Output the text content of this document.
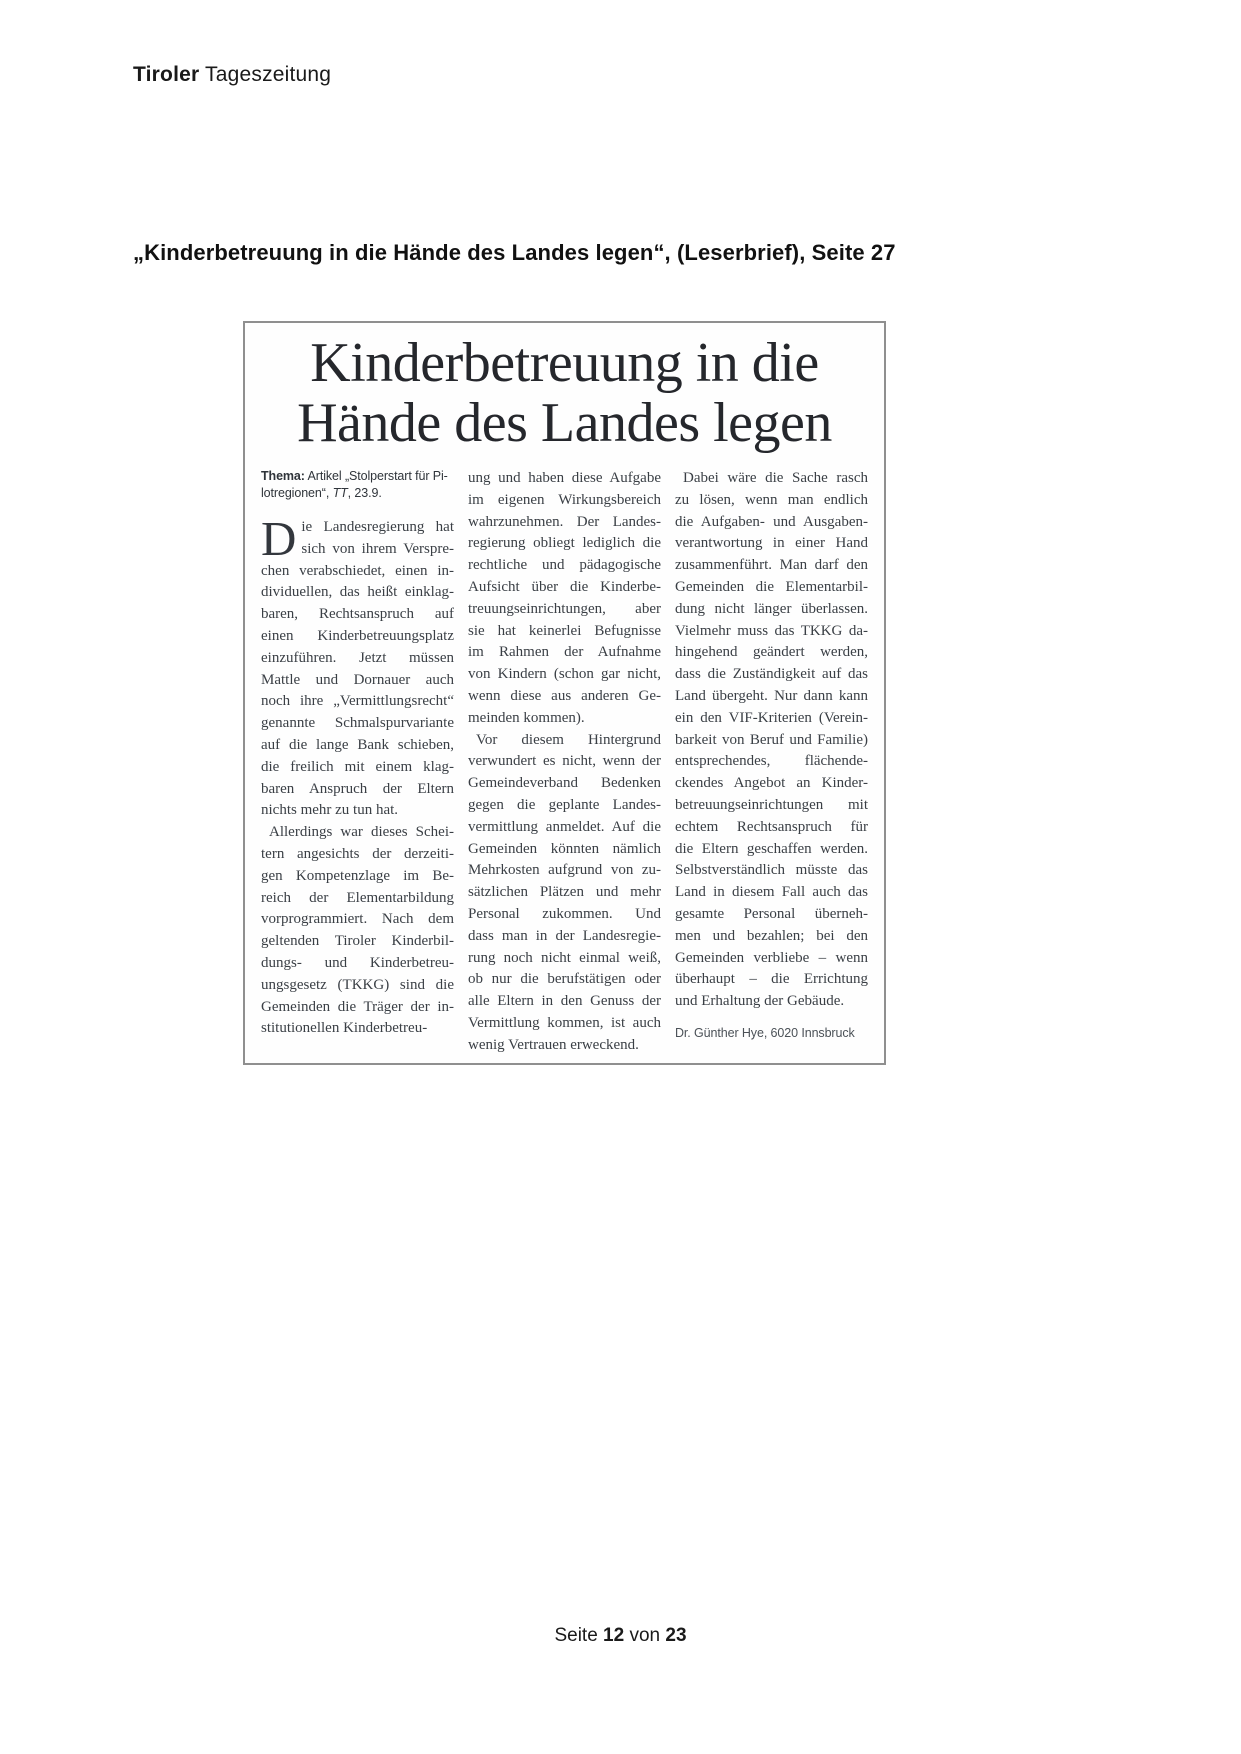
Tiroler Tageszeitung
„Kinderbetreuung in die Hände des Landes legen“, (Leserbrief), Seite 27
Kinderbetreuung in die
Hände des Landes legen
Thema: Artikel „Stolperstart für Pi-
lotregionen“, TT, 23.9.
D ie Landesregierung hat
sich von ihrem Verspre-
chen verabschiedet, einen in-
dividuellen, das heißt einklag-
baren, Rechtsanspruch auf
einen Kinderbetreuungsplatz
einzuführen. Jetzt müssen
Mattle und Dornauer auch
noch ihre „Vermittlungsrecht“
genannte Schmalspurvariante
auf die lange Bank schieben,
die freilich mit einem klag-
baren Anspruch der Eltern
nichts mehr zu tun hat.
Allerdings war dieses Schei-
tern angesichts der derzeiti-
gen Kompetenzlage im Be-
reich der Elementarbildung
vorprogrammiert. Nach dem
geltenden Tiroler Kinderbil-
dungs- und Kinderbetreu-
ungsgesetz (TKKG) sind die
Gemeinden die Träger der in-
stitutionellen Kinderbetreu-
ung und haben diese Aufgabe
im eigenen Wirkungsbereich
wahrzunehmen. Der Landes-
regierung obliegt lediglich die
rechtliche und pädagogische
Aufsicht über die Kinderbe-
treuungseinrichtungen, aber
sie hat keinerlei Befugnisse
im Rahmen der Aufnahme
von Kindern (schon gar nicht,
wenn diese aus anderen Ge-
meinden kommen).
Vor diesem Hintergrund
verwundert es nicht, wenn der
Gemeindeverband Bedenken
gegen die geplante Landes-
vermittlung anmeldet. Auf die
Gemeinden könnten nämlich
Mehrkosten aufgrund von zu-
sätzlichen Plätzen und mehr
Personal zukommen. Und
dass man in der Landesregie-
rung noch nicht einmal weiß,
ob nur die berufstätigen oder
alle Eltern in den Genuss der
Vermittlung kommen, ist auch
wenig Vertrauen erweckend.
Dabei wäre die Sache rasch
zu lösen, wenn man endlich
die Aufgaben- und Ausgaben-
verantwortung in einer Hand
zusammenführt. Man darf den
Gemeinden die Elementarbil-
dung nicht länger überlassen.
Vielmehr muss das TKKG da-
hingehend geändert werden,
dass die Zuständigkeit auf das
Land übergeht. Nur dann kann
ein den VIF-Kriterien (Verein-
barkeit von Beruf und Familie)
entsprechendes, flächende-
ckendes Angebot an Kinder-
betreuungseinrichtungen mit
echtem Rechtsanspruch für
die Eltern geschaffen werden.
Selbstverständlich müsste das
Land in diesem Fall auch das
gesamte Personal überneh-
men und bezahlen; bei den
Gemeinden verbliebe – wenn
überhaupt – die Errichtung
und Erhaltung der Gebäude.
Dr. Günther Hye, 6020 Innsbruck
Seite 12 von 23
